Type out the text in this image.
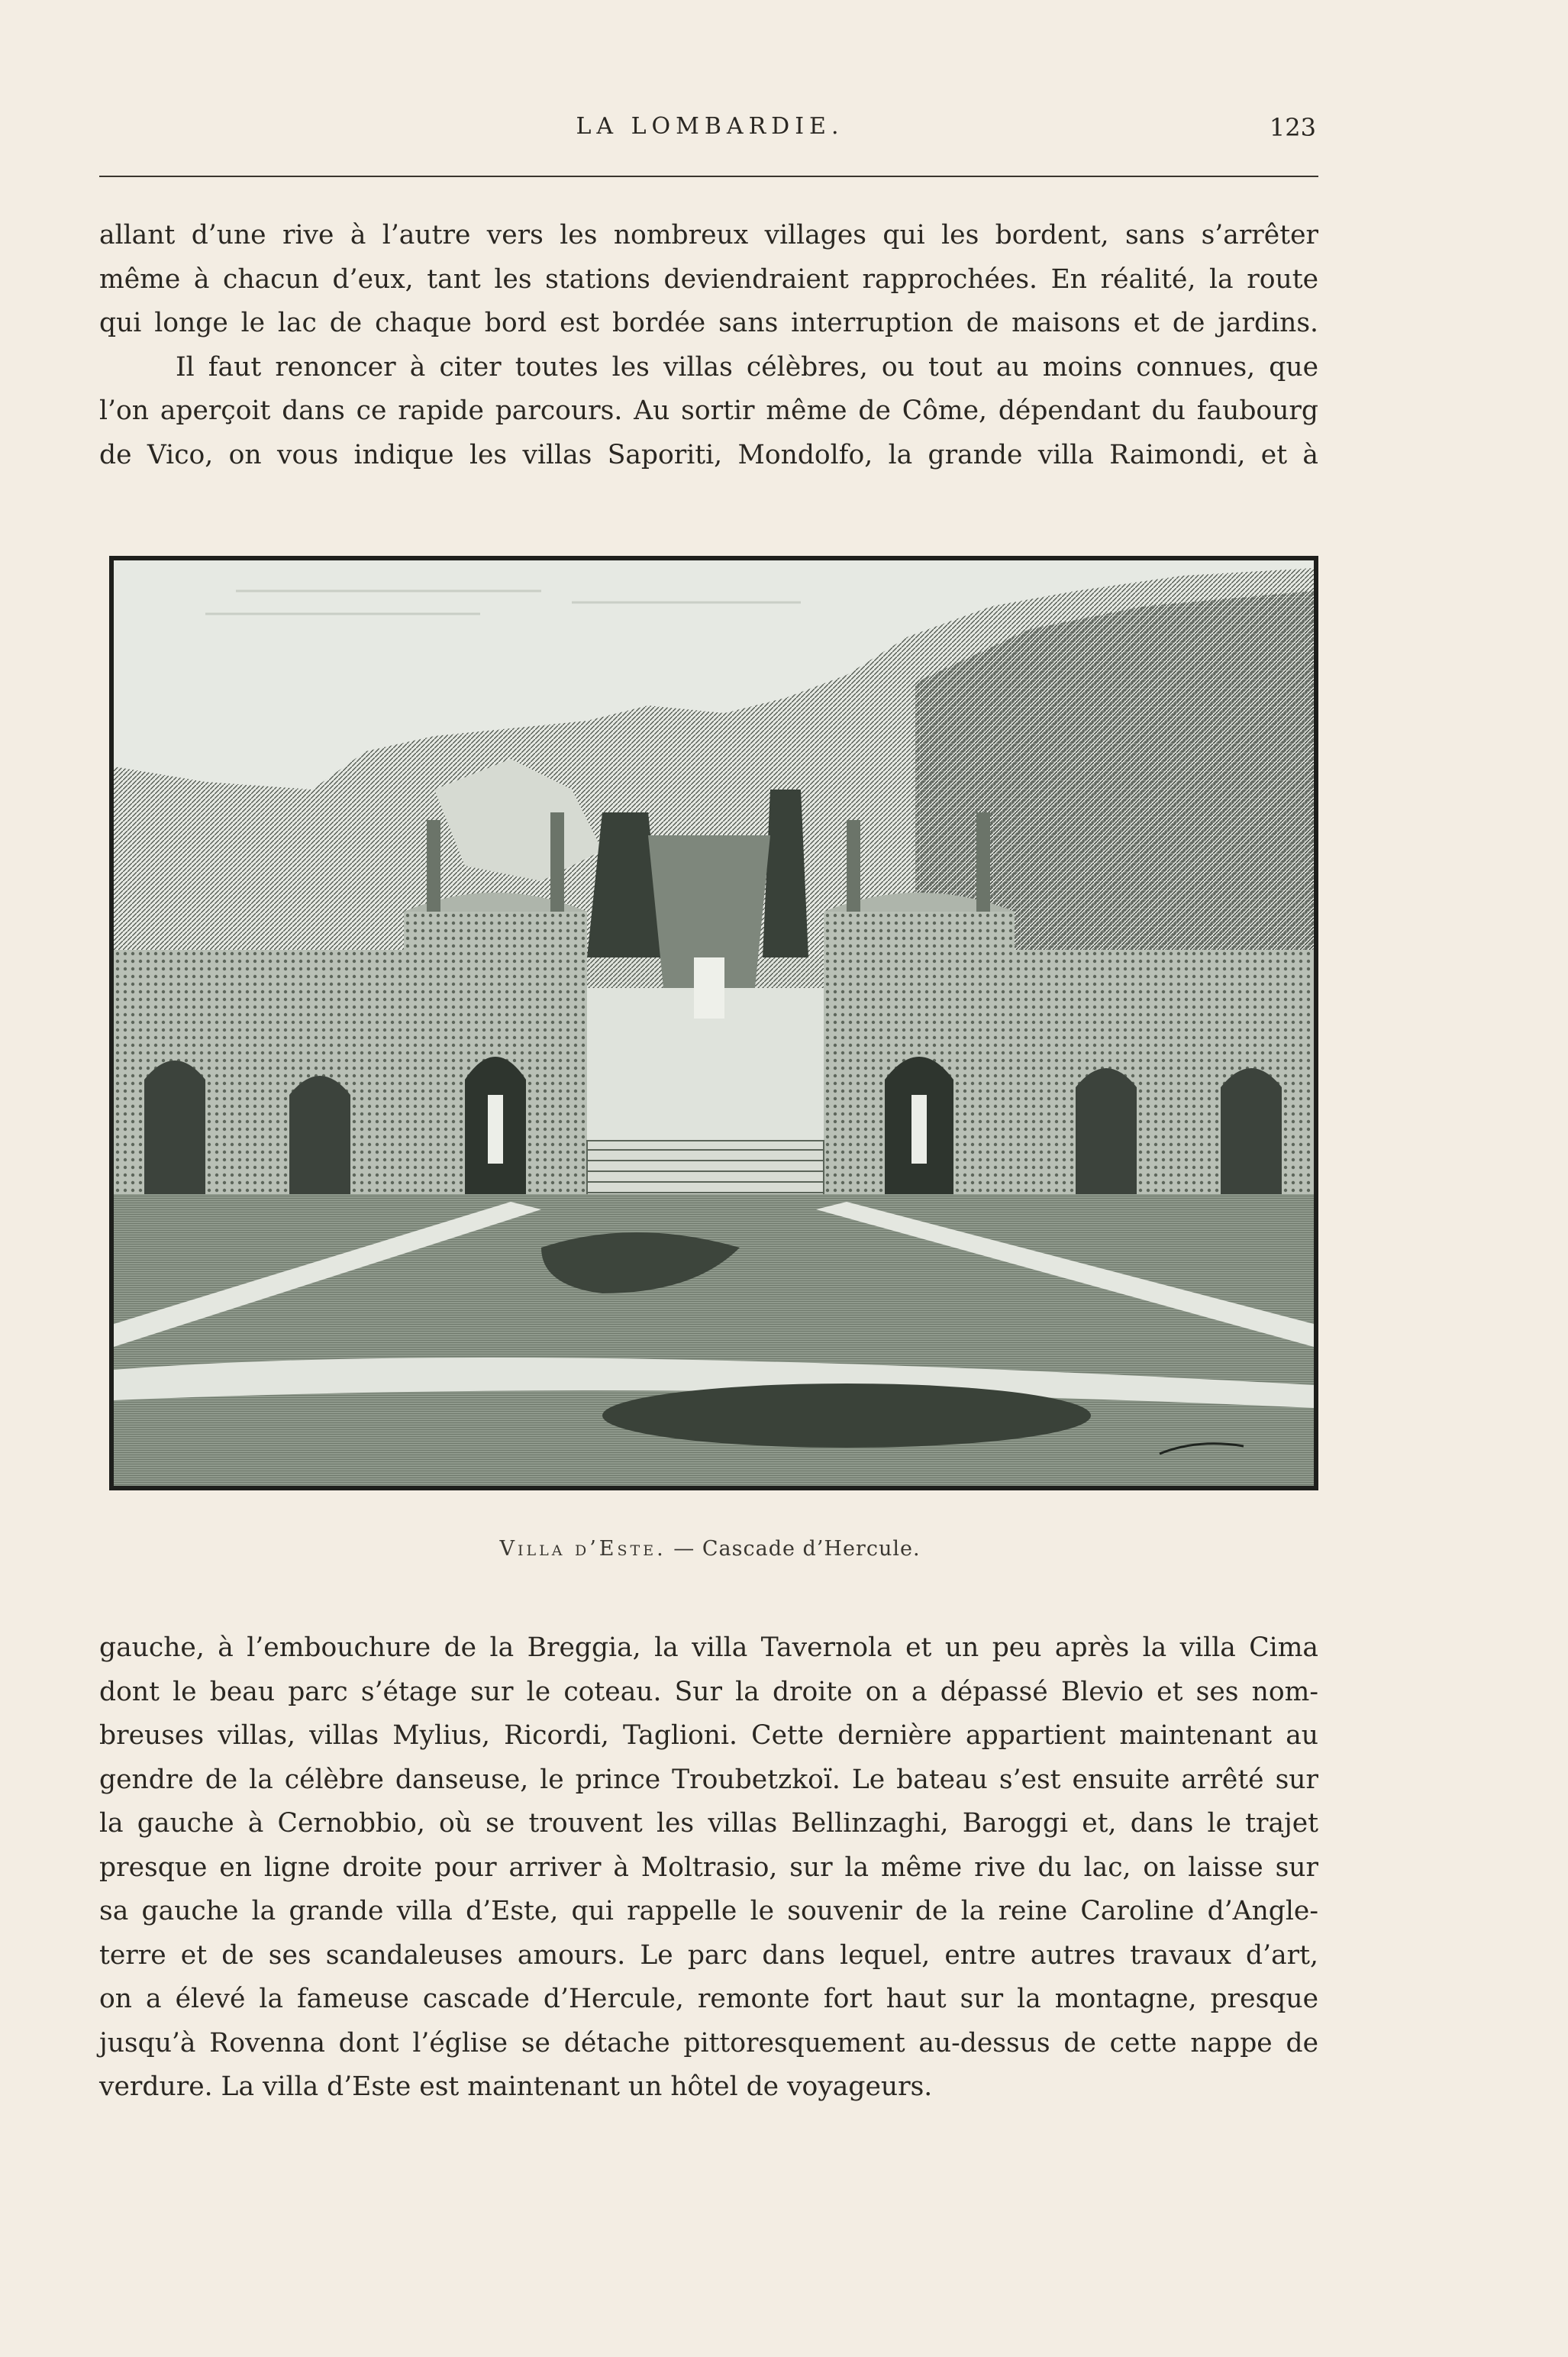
LA LOMBARDIE.	123

allant d’une rive à l’autre vers les nombreux villages qui les bordent, sans s’arrêter

même à chacun d’eux, tant les stations deviendraient rapprochées. En réalité, la route

qui longe le lac de chaque bord est bordée sans interruption de maisons et de jardins.

Il faut renoncer à citer toutes les villas célèbres, ou tout au moins connues, que

l’on aperçoit dans ce rapide parcours. Au sortir même de Côme, dépendant du faubourg

de Vico, on vous indique les villas Saporiti, Mondolfo, la grande villa Raimondi, et à

Villa d’Este. — Cascade d’Hercule.

gauche, à l’embouchure de la Breggia, la villa Tavernola et un peu après la villa Cima

dont le beau parc s’étage sur le coteau. Sur la droite on a dépassé Blevio et ses nom-

breuses villas, villas Mylius, Ricordi, Taglioni. Cette dernière appartient maintenant au

gendre de la célèbre danseuse, le prince Troubetzkoï. Le bateau s’est ensuite arrêté sur

la gauche à Cernobbio, où se trouvent les villas Bellinzaghi, Baroggi et, dans le trajet

presque en ligne droite pour arriver à Moltrasio, sur la même rive du lac, on laisse sur

sa gauche la grande villa d’Este, qui rappelle le souvenir de la reine Caroline d’Angle-

terre et de ses scandaleuses amours. Le parc dans lequel, entre autres travaux d’art,

on a élevé la fameuse cascade d’Hercule, remonte fort haut sur la montagne, presque

jusqu’à Rovenna dont l’église se détache pittoresquement au-dessus de cette nappe de

verdure. La villa d’Este est maintenant un hôtel de voyageurs.
